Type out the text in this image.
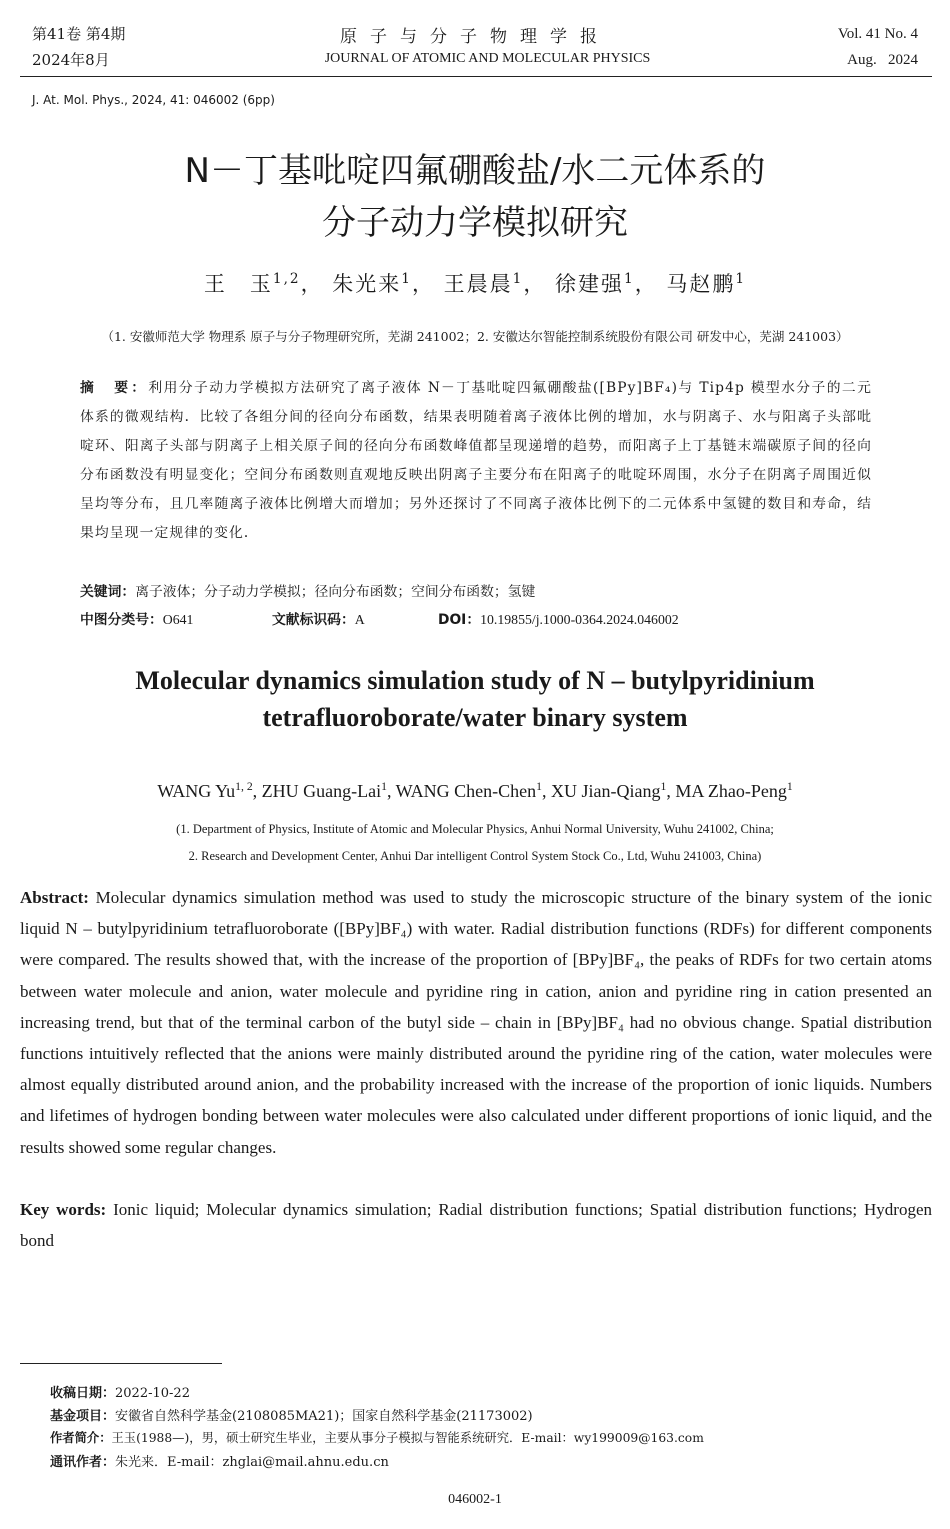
第41卷 第4期
2024年8月
原子与分子物理学报
JOURNAL OF ATOMIC AND MOLECULAR PHYSICS
Vol. 41 No. 4
Aug.   2024
J. At. Mol. Phys., 2024, 41: 046002 (6pp)
N－丁基吡啶四氟硼酸盐/水二元体系的
分子动力学模拟研究
王　玉$^{1,2}$， 朱光来$^1$， 王晨晨$^1$， 徐建强$^1$， 马赵鹏$^1$
（1. 安徽师范大学 物理系 原子与分子物理研究所，芜湖 241002；2. 安徽达尔智能控制系统股份有限公司 研发中心，芜湖 241003）
摘　要：利用分子动力学模拟方法研究了离子液体 N－丁基吡啶四氟硼酸盐([BPy]BF₄)与 Tip4p 模型水分子的二元体系的微观结构．比较了各组分间的径向分布函数，结果表明随着离子液体比例的增加，水与阴离子、水与阳离子头部吡啶环、阳离子头部与阴离子上相关原子间的径向分布函数峰值都呈现递增的趋势，而阳离子上丁基链末端碳原子间的径向分布函数没有明显变化；空间分布函数则直观地反映出阴离子主要分布在阳离子的吡啶环周围，水分子在阴离子周围近似呈均等分布，且几率随离子液体比例增大而增加；另外还探讨了不同离子液体比例下的二元体系中氢键的数目和寿命，结果均呈现一定规律的变化．
关键词：离子液体；分子动力学模拟；径向分布函数；空间分布函数；氢键
中图分类号：O641	文献标识码：A	DOI：10.19855/j.1000-0364.2024.046002
Molecular dynamics simulation study of N – butylpyridinium
tetrafluoroborate/water binary system
WANG Yu$^{1, 2}$, ZHU Guang-Lai$^1$, WANG Chen-Chen$^1$, XU Jian-Qiang$^1$, MA Zhao-Peng$^1$
(1. Department of Physics, Institute of Atomic and Molecular Physics, Anhui Normal University, Wuhu 241002, China;
2. Research and Development Center, Anhui Dar intelligent Control System Stock Co., Ltd, Wuhu 241003, China)
Abstract: Molecular dynamics simulation method was used to study the microscopic structure of the binary system of the ionic liquid N – butylpyridinium tetrafluoroborate ([BPy]BF₄) with water. Radial distribution functions (RDFs) for different components were compared. The results showed that, with the increase of the proportion of [BPy]BF₄, the peaks of RDFs for two certain atoms between water molecule and anion, water molecule and pyridine ring in cation, anion and pyridine ring in cation presented an increasing trend, but that of the terminal carbon of the butyl side – chain in [BPy]BF₄ had no obvious change. Spatial distribution functions intuitively reflected that the anions were mainly distributed around the pyridine ring of the cation, water molecules were almost equally distributed around anion, and the probability increased with the increase of the proportion of ionic liquids. Numbers and lifetimes of hydrogen bonding between water molecules were also calculated under different proportions of ionic liquid, and the results showed some regular changes.
Key words: Ionic liquid; Molecular dynamics simulation; Radial distribution functions; Spatial distribution functions; Hydrogen bond
收稿日期：2022-10-22
基金项目：安徽省自然科学基金(2108085MA21)；国家自然科学基金(21173002)
作者简介：王玉(1988—)，男，硕士研究生毕业，主要从事分子模拟与智能系统研究．E-mail：wy199009@163.com
通讯作者：朱光来．E-mail：zhglai@mail.ahnu.edu.cn
046002-1
